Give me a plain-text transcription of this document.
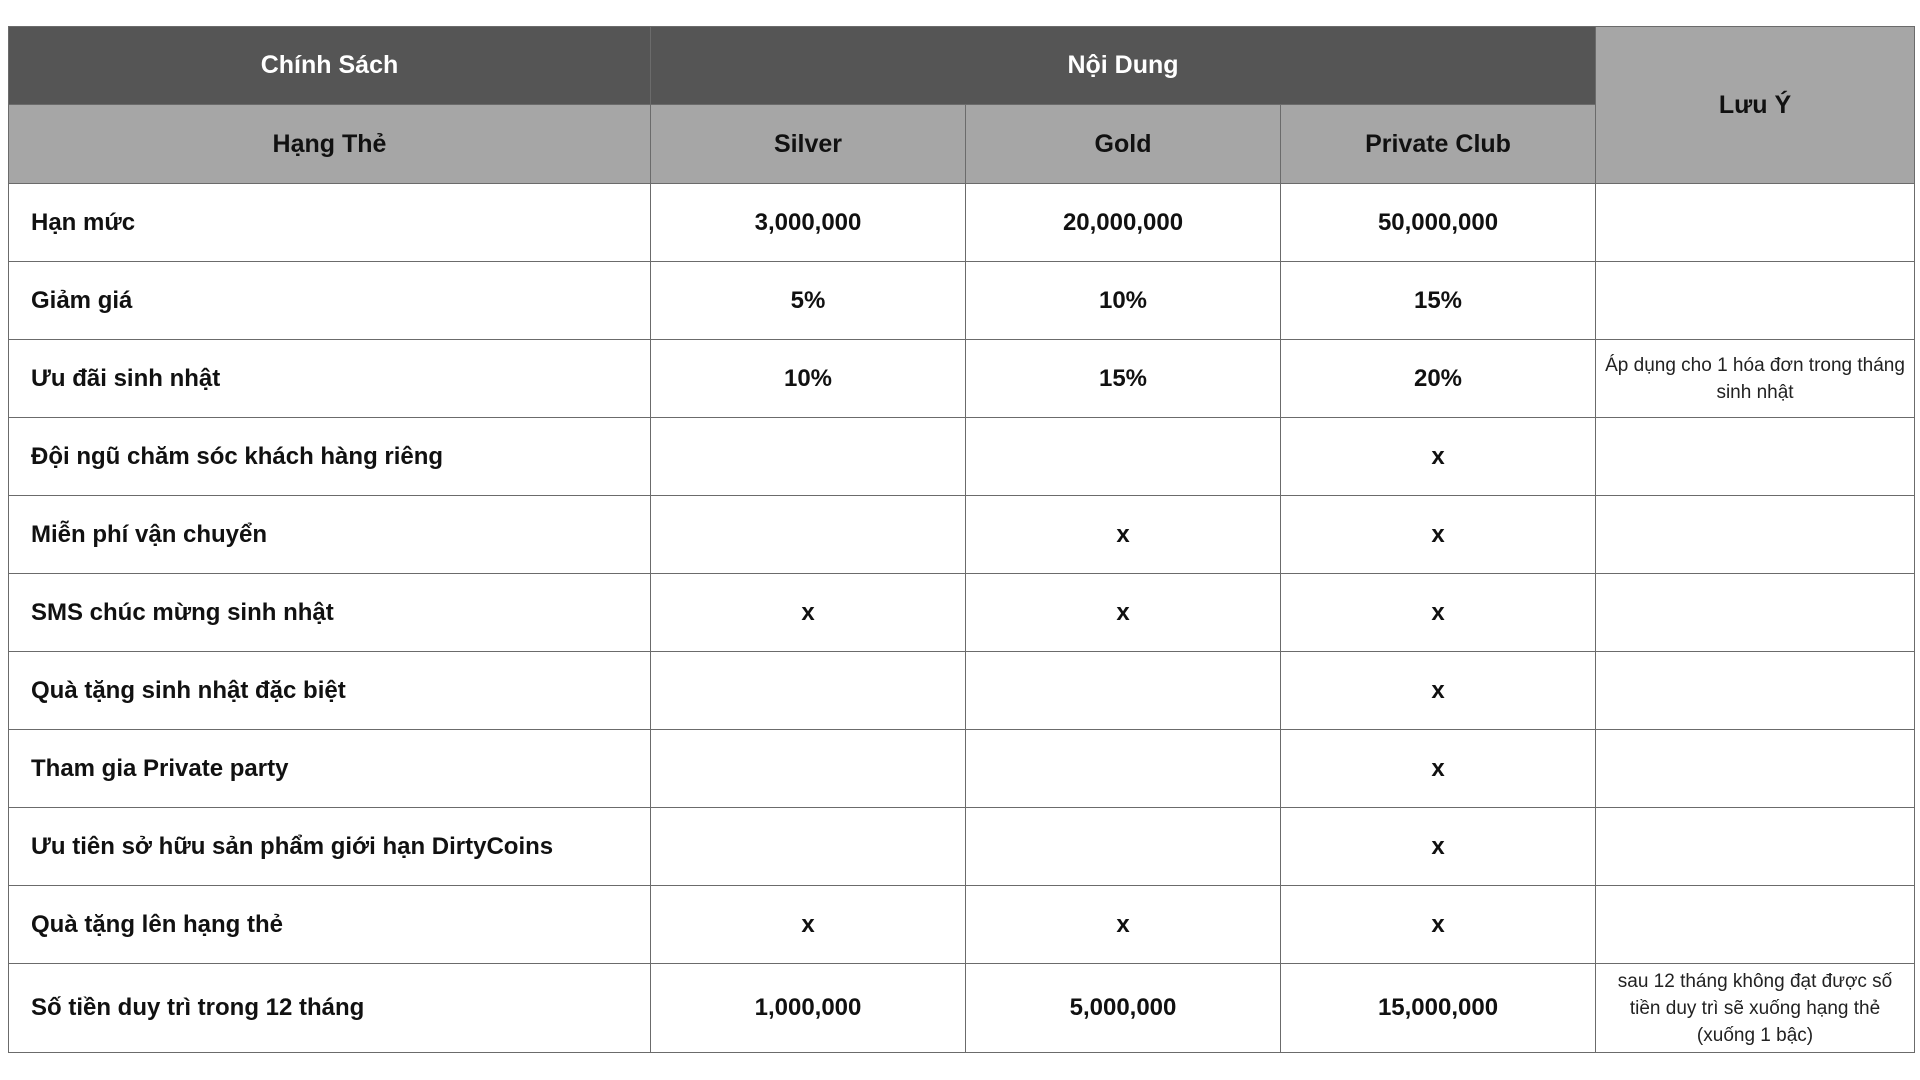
Chính Sách	Nội Dung			Lưu Ý
Hạng Thẻ	Silver	Gold	Private Club	
Hạn mức	3,000,000	20,000,000	50,000,000	
Giảm giá	5%	10%	15%	
Ưu đãi sinh nhật	10%	15%	20%	Áp dụng cho 1 hóa đơn trong tháng sinh nhật
Đội ngũ chăm sóc khách hàng riêng			x	
Miễn phí vận chuyển		x	x	
SMS chúc mừng sinh nhật	x	x	x	
Quà tặng sinh nhật đặc biệt			x	
Tham gia Private party			x	
Ưu tiên sở hữu sản phẩm giới hạn DirtyCoins			x	
Quà tặng lên hạng thẻ	x	x	x	
Số tiền duy trì trong 12 tháng	1,000,000	5,000,000	15,000,000	sau 12 tháng không đạt được số tiền duy trì sẽ xuống hạng thẻ (xuống 1 bậc)
